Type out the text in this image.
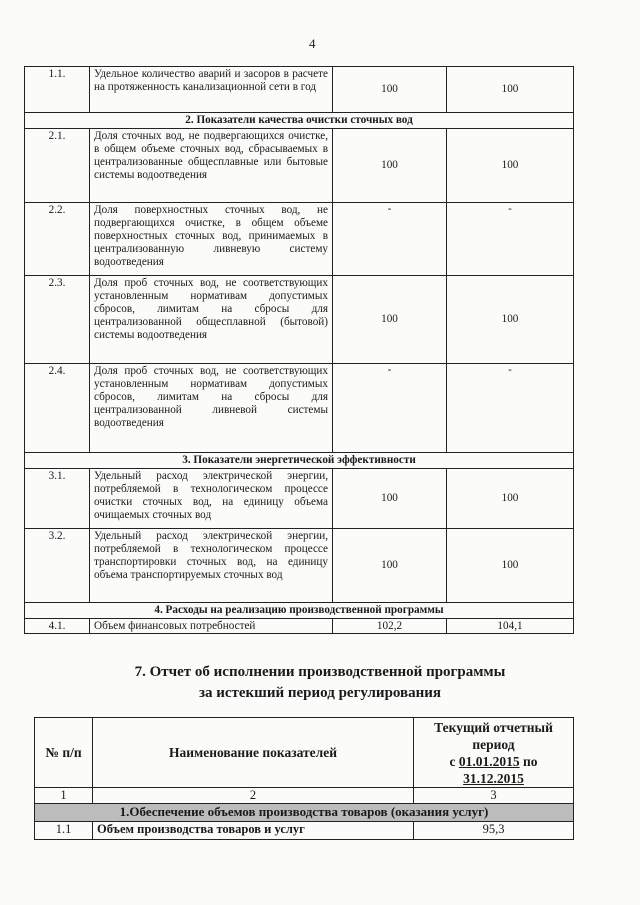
4
1.1.	Удельное количество аварий и засоров в расчете на протяженность канализационной сети в год	100	100
2. Показатели качества очистки сточных вод			
2.1.	Доля сточных вод, не подвергающихся очистке, в общем объеме сточных вод, сбрасываемых в централизованные общесплавные или бытовые системы водоотведения	100	100
2.2.	Доля поверхностных сточных вод, не подвергающихся очистке, в общем объеме поверхностных сточных вод, принимаемых в централизованную ливневую систему водоотведения	-	-
2.3.	Доля проб сточных вод, не соответствующих установленным нормативам допустимых сбросов, лимитам на сбросы для централизованной общесплавной (бытовой) системы водоотведения	100	100
2.4.	Доля проб сточных вод, не соответствующих установленным нормативам допустимых сбросов, лимитам на сбросы для централизованной ливневой системы водоотведения	-	-
3. Показатели энергетической эффективности			
3.1.	Удельный расход электрической энергии, потребляемой в технологическом процессе очистки сточных вод, на единицу объема очищаемых сточных вод	100	100
3.2.	Удельный расход электрической энергии, потребляемой в технологическом процессе транспортировки сточных вод, на единицу объема транспортируемых сточных вод	100	100
4. Расходы на реализацию производственной программы			
4.1.	Объем финансовых потребностей	102,2	104,1
7. Отчет об исполнении производственной программы
за истекший период регулирования
№ п/п	Наименование показателей	Текущий отчетный период
с 01.01.2015 по
31.12.2015

1	2	3
1.Обеспечение объемов производства товаров (оказания услуг)		
1.1	Объем производства товаров и услуг	95,3
